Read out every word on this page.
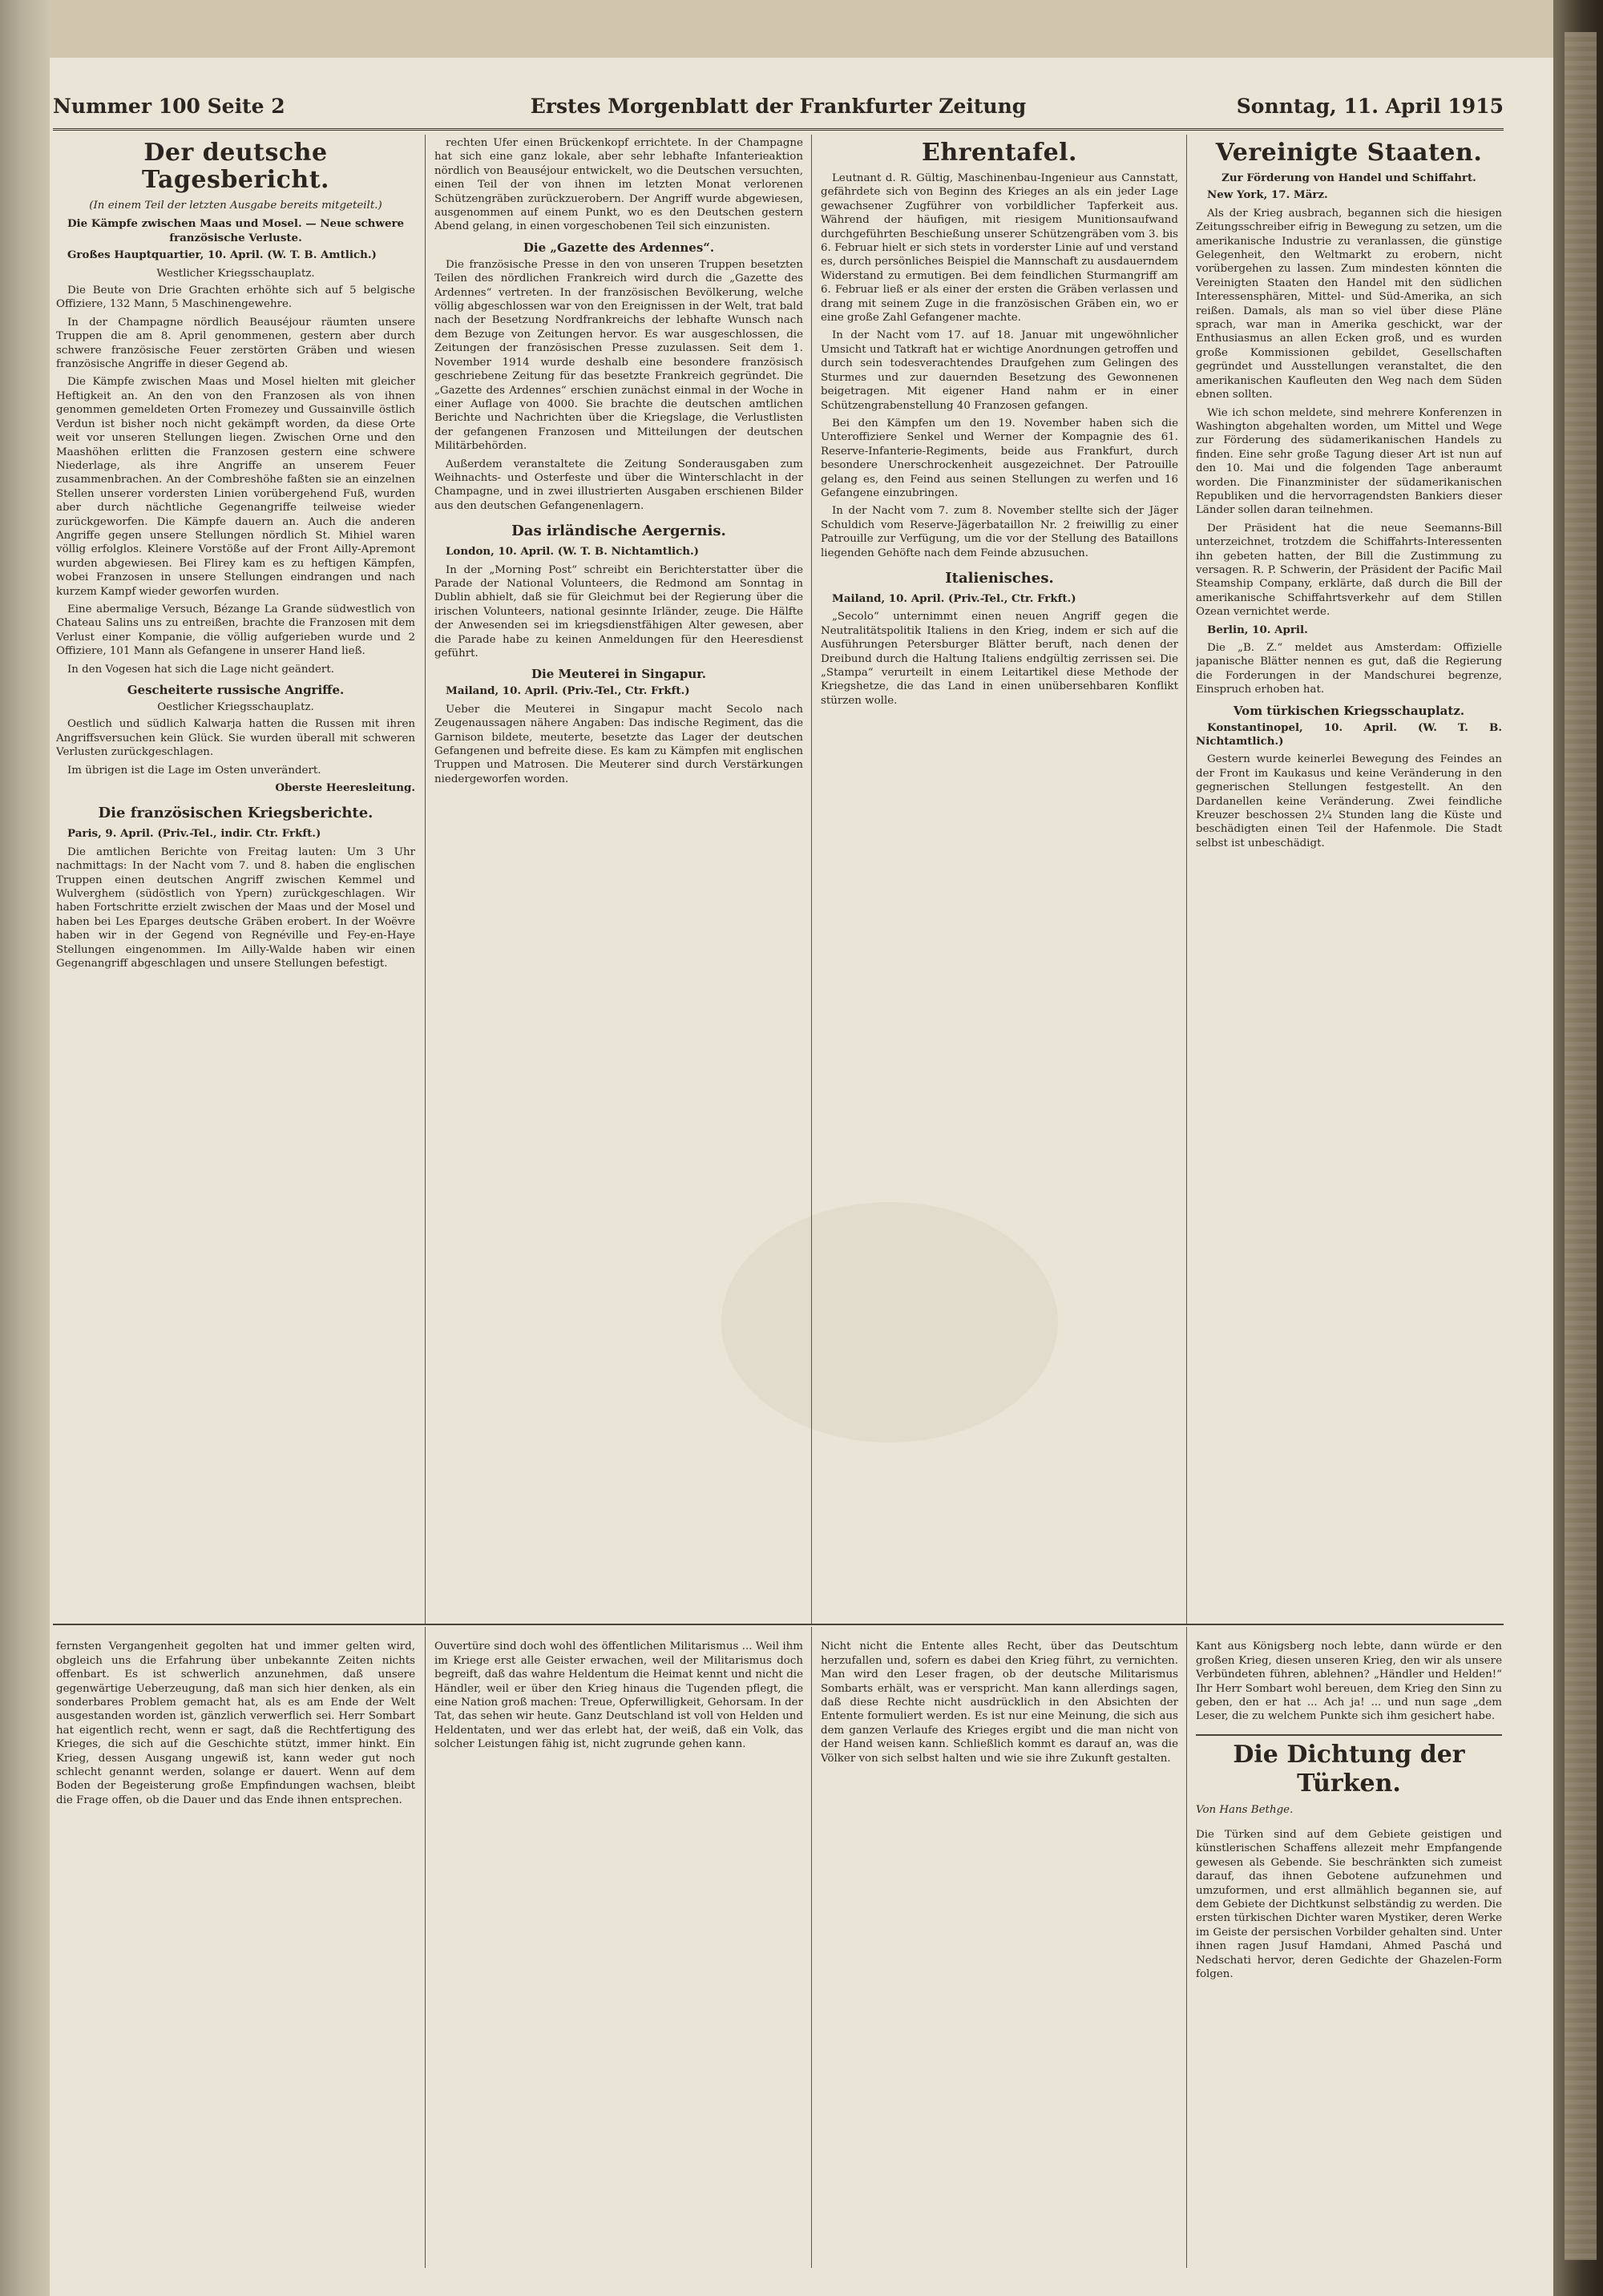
Nummer 100 Seite 2	Erstes Morgenblatt der Frankfurter Zeitung	Sonntag, 11. April 1915
Der deutsche Tagesbericht.
(In einem Teil der letzten Ausgabe bereits mitgeteilt.)
Die Kämpfe zwischen Maas und Mosel. — Neue schwere französische Verluste.

Großes Hauptquartier, 10. April. (W. T. B. Amtlich.)

Westlicher Kriegsschauplatz.

Die Beute von Drie Grachten erhöhte sich auf 5 belgische Offiziere, 132 Mann, 5 Maschinengewehre.

In der Champagne nördlich Beauséjour räumten unsere Truppen die am 8. April genommenen, gestern aber durch schwere französische Feuer zerstörten Gräben und wiesen französische Angriffe in dieser Gegend ab.

Die Kämpfe zwischen Maas und Mosel hielten mit gleicher Heftigkeit an. An den von den Franzosen als von ihnen genommen gemeldeten Orten Fromezey und Gussainville östlich Verdun ist bisher noch nicht gekämpft worden, da diese Orte weit vor unseren Stellungen liegen. Zwischen Orne und den Maashöhen erlitten die Franzosen gestern eine schwere Niederlage, als ihre Angriffe an unserem Feuer zusammenbrachen. An der Combreshöhe faßten sie an einzelnen Stellen unserer vordersten Linien vorübergehend Fuß, wurden aber durch nächtliche Gegenangriffe teilweise wieder zurückgeworfen. Die Kämpfe dauern an. Auch die anderen Angriffe gegen unsere Stellungen nördlich St. Mihiel waren völlig erfolglos. Kleinere Vorstöße auf der Front Ailly-Apremont wurden abgewiesen. Bei Flirey kam es zu heftigen Kämpfen, wobei Franzosen in unsere Stellungen eindrangen und nach kurzem Kampf wieder geworfen wurden.

Eine abermalige Versuch, Bézange La Grande südwestlich von Chateau Salins uns zu entreißen, brachte die Franzosen mit dem Verlust einer Kompanie, die völlig aufgerieben wurde und 2 Offiziere, 101 Mann als Gefangene in unserer Hand ließ.

In den Vogesen hat sich die Lage nicht geändert.

Gescheiterte russische Angriffe.
Oestlicher Kriegsschauplatz.

Oestlich und südlich Kalwarja hatten die Russen mit ihren Angriffsversuchen kein Glück. Sie wurden überall mit schweren Verlusten zurückgeschlagen.

Im übrigen ist die Lage im Osten unverändert.

Oberste Heeresleitung.
Die französischen Kriegsberichte.

Paris, 9. April. (Priv.-Tel., indir. Ctr. Frkft.)

Die amtlichen Berichte von Freitag lauten: Um 3 Uhr nachmittags: In der Nacht vom 7. und 8. haben die englischen Truppen einen deutschen Angriff zwischen Kemmel und Wulverghem (südöstlich von Ypern) zurückgeschlagen. Wir haben Fortschritte erzielt zwischen der Maas und der Mosel und haben bei Les Eparges deutsche Gräben erobert. In der Woëvre haben wir in der Gegend von Regnéville und Fey-en-Haye Stellungen eingenommen. Im Ailly-Walde haben wir einen Gegenangriff abgeschlagen und unsere Stellungen befestigt.

rechten Ufer einen Brückenkopf errichtete. In der Champagne hat sich eine ganz lokale, aber sehr lebhafte Infanterieaktion nördlich von Beauséjour entwickelt, wo die Deutschen versuchten, einen Teil der von ihnen im letzten Monat verlorenen Schützengräben zurückzuerobern. Der Angriff wurde abgewiesen, ausgenommen auf einem Punkt, wo es den Deutschen gestern Abend gelang, in einen vorgeschobenen Teil sich einzunisten.

Die „Gazette des Ardennes“.

Die französische Presse in den von unseren Truppen besetzten Teilen des nördlichen Frankreich wird durch die „Gazette des Ardennes“ vertreten. In der französischen Bevölkerung, welche völlig abgeschlossen war von den Ereignissen in der Welt, trat bald nach der Besetzung Nordfrankreichs der lebhafte Wunsch nach dem Bezuge von Zeitungen hervor. Es war ausgeschlossen, die Zeitungen der französischen Presse zuzulassen. Seit dem 1. November 1914 wurde deshalb eine besondere französisch geschriebene Zeitung für das besetzte Frankreich gegründet. Die „Gazette des Ardennes“ erschien zunächst einmal in der Woche in einer Auflage von 4000. Sie brachte die deutschen amtlichen Berichte und Nachrichten über die Kriegslage, die Verlustlisten der gefangenen Franzosen und Mitteilungen der deutschen Militärbehörden.

Außerdem veranstaltete die Zeitung Sonderausgaben zum Weihnachts- und Osterfeste und über die Winterschlacht in der Champagne, und in zwei illustrierten Ausgaben erschienen Bilder aus den deutschen Gefangenenlagern.

Das irländische Aergernis.

London, 10. April. (W. T. B. Nichtamtlich.)

In der „Morning Post“ schreibt ein Berichterstatter über die Parade der National Volunteers, die Redmond am Sonntag in Dublin abhielt, daß sie für Gleichmut bei der Regierung über die irischen Volunteers, national gesinnte Irländer, zeuge. Die Hälfte der Anwesenden sei im kriegsdienstfähigen Alter gewesen, aber die Parade habe zu keinen Anmeldungen für den Heeresdienst geführt.

Die Meuterei in Singapur.

Mailand, 10. April. (Priv.-Tel., Ctr. Frkft.)

Ueber die Meuterei in Singapur macht Secolo nach Zeugenaussagen nähere Angaben: Das indische Regiment, das die Garnison bildete, meuterte, besetzte das Lager der deutschen Gefangenen und befreite diese. Es kam zu Kämpfen mit englischen Truppen und Matrosen. Die Meuterer sind durch Verstärkungen niedergeworfen worden.

Ehrentafel.

Leutnant d. R. Gültig, Maschinenbau-Ingenieur aus Cannstatt, gefährdete sich von Beginn des Krieges an als ein jeder Lage gewachsener Zugführer von vorbildlicher Tapferkeit aus. Während der häufigen, mit riesigem Munitionsaufwand durchgeführten Beschießung unserer Schützengräben vom 3. bis 6. Februar hielt er sich stets in vorderster Linie auf und verstand es, durch persönliches Beispiel die Mannschaft zu ausdauerndem Widerstand zu ermutigen. Bei dem feindlichen Sturmangriff am 6. Februar ließ er als einer der ersten die Gräben verlassen und drang mit seinem Zuge in die französischen Gräben ein, wo er eine große Zahl Gefangener machte.

In der Nacht vom 17. auf 18. Januar mit ungewöhnlicher Umsicht und Tatkraft hat er wichtige Anordnungen getroffen und durch sein todesverachtendes Draufgehen zum Gelingen des Sturmes und zur dauernden Besetzung des Gewonnenen beigetragen. Mit eigener Hand nahm er in einer Schützengrabenstellung 40 Franzosen gefangen.

Bei den Kämpfen um den 19. November haben sich die Unteroffiziere Senkel und Werner der Kompagnie des 61. Reserve-Infanterie-Regiments, beide aus Frankfurt, durch besondere Unerschrockenheit ausgezeichnet. Der Patrouille gelang es, den Feind aus seinen Stellungen zu werfen und 16 Gefangene einzubringen.

In der Nacht vom 7. zum 8. November stellte sich der Jäger Schuldich vom Reserve-Jägerbataillon Nr. 2 freiwillig zu einer Patrouille zur Verfügung, um die vor der Stellung des Bataillons liegenden Gehöfte nach dem Feinde abzusuchen.

Italienisches.

Mailand, 10. April. (Priv.-Tel., Ctr. Frkft.)

„Secolo“ unternimmt einen neuen Angriff gegen die Neutralitätspolitik Italiens in den Krieg, indem er sich auf die Ausführungen Petersburger Blätter beruft, nach denen der Dreibund durch die Haltung Italiens endgültig zerrissen sei. Die „Stampa“ verurteilt in einem Leitartikel diese Methode der Kriegshetze, die das Land in einen unübersehbaren Konflikt stürzen wolle.

Vereinigte Staaten.
Zur Förderung von Handel und Schiffahrt.

New York, 17. März.

Als der Krieg ausbrach, begannen sich die hiesigen Zeitungsschreiber eifrig in Bewegung zu setzen, um die amerikanische Industrie zu veranlassen, die günstige Gelegenheit, den Weltmarkt zu erobern, nicht vorübergehen zu lassen. Zum mindesten könnten die Vereinigten Staaten den Handel mit den südlichen Interessensphären, Mittel- und Süd-Amerika, an sich reißen. Damals, als man so viel über diese Pläne sprach, war man in Amerika geschickt, war der Enthusiasmus an allen Ecken groß, und es wurden große Kommissionen gebildet, Gesellschaften gegründet und Ausstellungen veranstaltet, die den amerikanischen Kaufleuten den Weg nach dem Süden ebnen sollten.

Wie ich schon meldete, sind mehrere Konferenzen in Washington abgehalten worden, um Mittel und Wege zur Förderung des südamerikanischen Handels zu finden. Eine sehr große Tagung dieser Art ist nun auf den 10. Mai und die folgenden Tage anberaumt worden. Die Finanzminister der südamerikanischen Republiken und die hervorragendsten Bankiers dieser Länder sollen daran teilnehmen.

Der Präsident hat die neue Seemanns-Bill unterzeichnet, trotzdem die Schiffahrts-Interessenten ihn gebeten hatten, der Bill die Zustimmung zu versagen. R. P. Schwerin, der Präsident der Pacific Mail Steamship Company, erklärte, daß durch die Bill der amerikanische Schiffahrtsverkehr auf dem Stillen Ozean vernichtet werde.

Berlin, 10. April.

Die „B. Z.“ meldet aus Amsterdam: Offizielle japanische Blätter nennen es gut, daß die Regierung die Forderungen in der Mandschurei begrenze, Einspruch erhoben hat.

Vom türkischen Kriegsschauplatz.

Konstantinopel, 10. April. (W. T. B. Nichtamtlich.)

Gestern wurde keinerlei Bewegung des Feindes an der Front im Kaukasus und keine Veränderung in den gegnerischen Stellungen festgestellt. An den Dardanellen keine Veränderung. Zwei feindliche Kreuzer beschossen 2¼ Stunden lang die Küste und beschädigten einen Teil der Hafenmole. Die Stadt selbst ist unbeschädigt.

fernsten Vergangenheit gegolten hat und immer gelten wird, obgleich uns die Erfahrung über unbekannte Zeiten nichts offenbart. Es ist schwerlich anzunehmen, daß unsere gegenwärtige Ueberzeugung, daß man sich hier denken, als ein sonderbares Problem gemacht hat, als es am Ende der Welt ausgestanden worden ist, gänzlich verwerflich sei. Herr Sombart hat eigentlich recht, wenn er sagt, daß die Rechtfertigung des Krieges, die sich auf die Geschichte stützt, immer hinkt. Ein Krieg, dessen Ausgang ungewiß ist, kann weder gut noch schlecht genannt werden, solange er dauert. Wenn auf dem Boden der Begeisterung große Empfindungen wachsen, bleibt die Frage offen, ob die Dauer und das Ende ihnen entsprechen.

Ouvertüre sind doch wohl des öffentlichen Militarismus ... Weil ihm im Kriege erst alle Geister erwachen, weil der Militarismus doch begreift, daß das wahre Heldentum die Heimat kennt und nicht die Händler, weil er über den Krieg hinaus die Tugenden pflegt, die eine Nation groß machen: Treue, Opferwilligkeit, Gehorsam. In der Tat, das sehen wir heute. Ganz Deutschland ist voll von Helden und Heldentaten, und wer das erlebt hat, der weiß, daß ein Volk, das solcher Leistungen fähig ist, nicht zugrunde gehen kann.

Nicht nicht die Entente alles Recht, über das Deutschtum herzufallen und, sofern es dabei den Krieg führt, zu vernichten. Man wird den Leser fragen, ob der deutsche Militarismus Sombarts erhält, was er verspricht. Man kann allerdings sagen, daß diese Rechte nicht ausdrücklich in den Absichten der Entente formuliert werden. Es ist nur eine Meinung, die sich aus dem ganzen Verlaufe des Krieges ergibt und die man nicht von der Hand weisen kann. Schließlich kommt es darauf an, was die Völker von sich selbst halten und wie sie ihre Zukunft gestalten.

Kant aus Königsberg noch lebte, dann würde er den großen Krieg, diesen unseren Krieg, den wir als unsere Verbündeten führen, ablehnen? „Händler und Helden!“ Ihr Herr Sombart wohl bereuen, dem Krieg den Sinn zu geben, den er hat ... Ach ja! ... und nun sage „dem Leser, die zu welchem Punkte sich ihm gesichert habe.

Die Dichtung der Türken.
Von Hans Bethge.

Die Türken sind auf dem Gebiete geistigen und künstlerischen Schaffens allezeit mehr Empfangende gewesen als Gebende. Sie beschränkten sich zumeist darauf, das ihnen Gebotene aufzunehmen und umzuformen, und erst allmählich begannen sie, auf dem Gebiete der Dichtkunst selbständig zu werden. Die ersten türkischen Dichter waren Mystiker, deren Werke im Geiste der persischen Vorbilder gehalten sind. Unter ihnen ragen Jusuf Hamdani, Ahmed Paschá und Nedschati hervor, deren Gedichte der Ghazelen-Form folgen.
